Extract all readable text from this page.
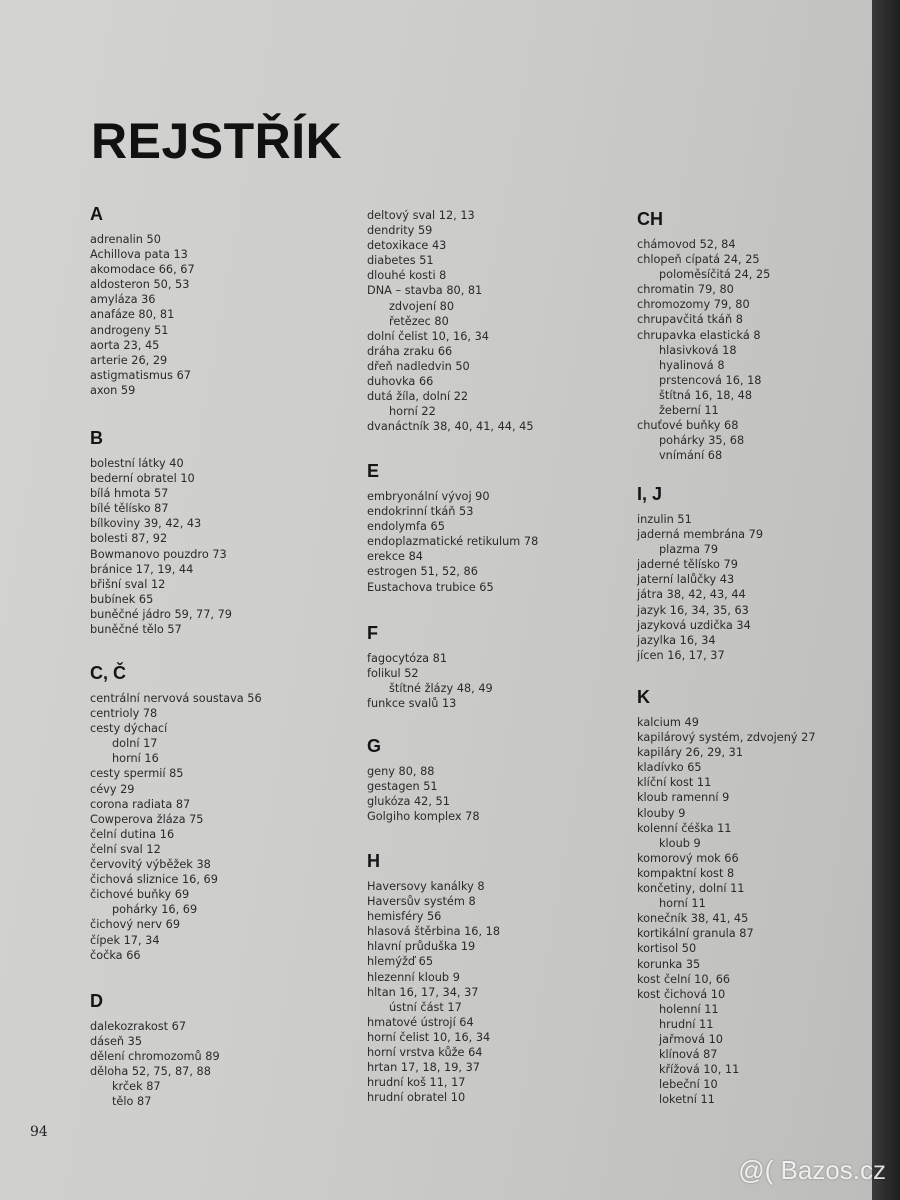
REJSTŘÍK
A
adrenalin 50
Achillova pata 13
akomodace 66, 67
aldosteron 50, 53
amyláza 36
anafáze 80, 81
androgeny 51
aorta 23, 45
arterie 26, 29
astigmatismus 67
axon 59
B
bolestní látky 40
bederní obratel 10
bílá hmota 57
bílé tělísko 87
bílkoviny 39, 42, 43
bolesti 87, 92
Bowmanovo pouzdro 73
bránice 17, 19, 44
břišní sval 12
bubínek 65
buněčné jádro 59, 77, 79
buněčné tělo 57
C, Č
centrální nervová soustava 56
centrioly 78
cesty dýchací
dolní 17
horní 16
cesty spermií 85
cévy 29
corona radiata 87
Cowperova žláza 75
čelní dutina 16
čelní sval 12
červovitý výběžek 38
čichová sliznice 16, 69
čichové buňky 69
pohárky 16, 69
čichový nerv 69
čípek 17, 34
čočka 66
D
dalekozrakost 67
dáseň 35
dělení chromozomů 89
děloha 52, 75, 87, 88
krček 87
tělo 87
deltový sval 12, 13
dendrity 59
detoxikace 43
diabetes 51
dlouhé kosti 8
DNA – stavba 80, 81
zdvojení 80
řetězec 80
dolní čelist 10, 16, 34
dráha zraku 66
dřeň nadledvin 50
duhovka 66
dutá žíla, dolní 22
horní 22
dvanáctník 38, 40, 41, 44, 45
E
embryonální vývoj 90
endokrinní tkáň 53
endolymfa 65
endoplazmatické retikulum 78
erekce 84
estrogen 51, 52, 86
Eustachova trubice 65
F
fagocytóza 81
folikul 52
štítné žlázy 48, 49
funkce svalů 13
G
geny 80, 88
gestagen 51
glukóza 42, 51
Golgiho komplex 78
H
Haversovy kanálky 8
Haversův systém 8
hemisféry 56
hlasová štěrbina 16, 18
hlavní průduška 19
hlemýžď 65
hlezenní kloub 9
hltan 16, 17, 34, 37
ústní část 17
hmatové ústrojí 64
horní čelist 10, 16, 34
horní vrstva kůže 64
hrtan 17, 18, 19, 37
hrudní koš 11, 17
hrudní obratel 10
CH
chámovod 52, 84
chlopeň cípatá 24, 25
poloměsíčitá 24, 25
chromatin 79, 80
chromozomy 79, 80
chrupavčitá tkáň 8
chrupavka elastická 8
hlasivková 18
hyalinová 8
prstencová 16, 18
štítná 16, 18, 48
žeberní 11
chuťové buňky 68
pohárky 35, 68
vnímání 68
I, J
inzulin 51
jaderná membrána 79
plazma 79
jaderné tělísko 79
jaterní lalůčky 43
játra 38, 42, 43, 44
jazyk 16, 34, 35, 63
jazyková uzdička 34
jazylka 16, 34
jícen 16, 17, 37
K
kalcium 49
kapilárový systém, zdvojený 27
kapiláry 26, 29, 31
kladívko 65
klíční kost 11
kloub ramenní 9
klouby 9
kolenní čéška 11
kloub 9
komorový mok 66
kompaktní kost 8
končetiny, dolní 11
horní 11
konečník 38, 41, 45
kortikální granula 87
kortisol 50
korunka 35
kost čelní 10, 66
kost čichová 10
holenní 11
hrudní 11
jařmová 10
klínová 87
křížová 10, 11
lebeční 10
loketní 11
94
@( Bazos.cz
